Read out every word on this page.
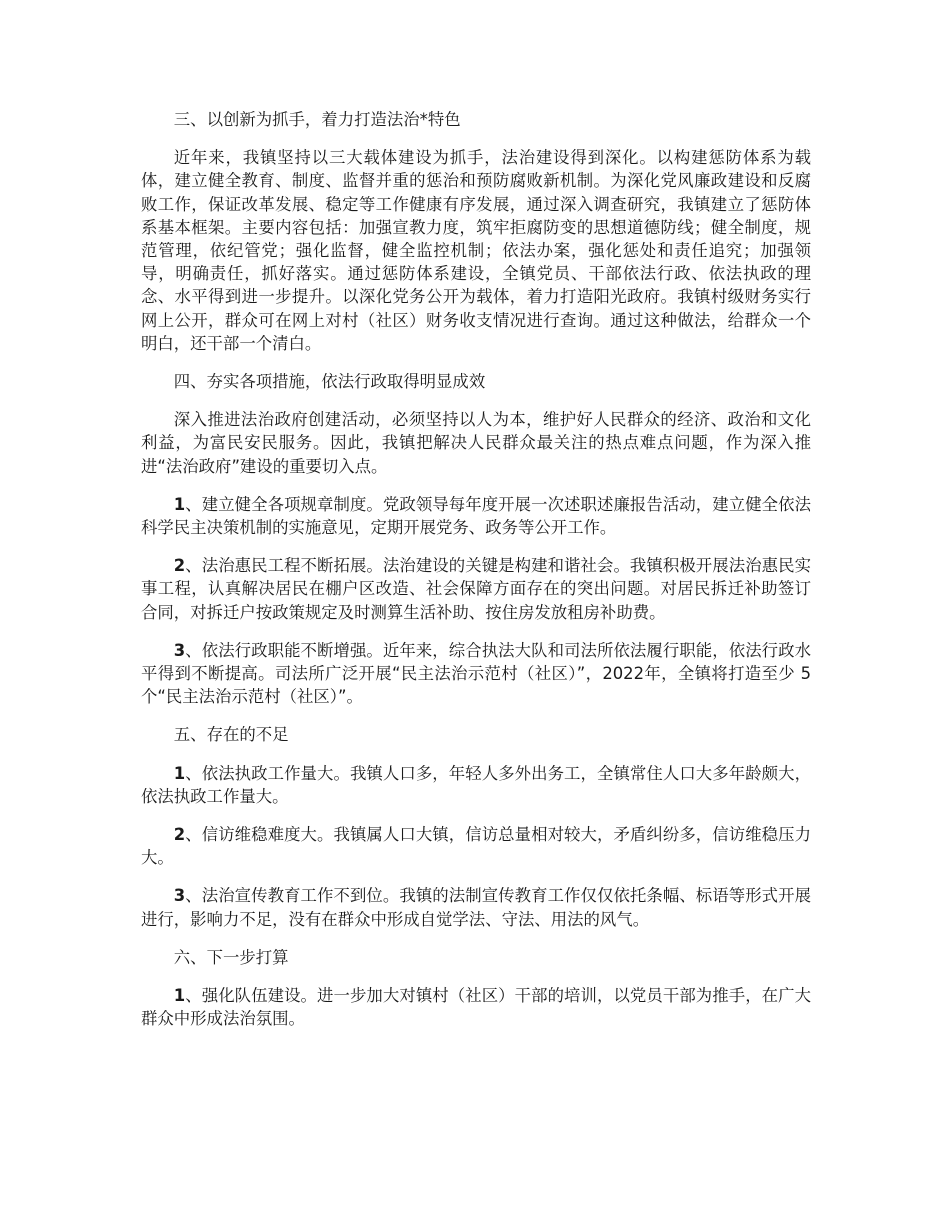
三、以创新为抓手，着力打造法治*特色
近年来，我镇坚持以三大载体建设为抓手，法治建设得到深化。以构建惩防体系为载体，建立健全教育、制度、监督并重的惩治和预防腐败新机制。为深化党风廉政建设和反腐败工作，保证改革发展、稳定等工作健康有序发展，通过深入调查研究，我镇建立了惩防体系基本框架。主要内容包括：加强宣教力度，筑牢拒腐防变的思想道德防线；健全制度，规范管理，依纪管党；强化监督，健全监控机制；依法办案，强化惩处和责任追究；加强领导，明确责任，抓好落实。通过惩防体系建设，全镇党员、干部依法行政、依法执政的理念、水平得到进一步提升。以深化党务公开为载体，着力打造阳光政府。我镇村级财务实行网上公开，群众可在网上对村（社区）财务收支情况进行查询。通过这种做法，给群众一个明白，还干部一个清白。
四、夯实各项措施，依法行政取得明显成效
深入推进法治政府创建活动，必须坚持以人为本，维护好人民群众的经济、政治和文化利益，为富民安民服务。因此，我镇把解决人民群众最关注的热点难点问题，作为深入推进“法治政府”建设的重要切入点。
1、建立健全各项规章制度。党政领导每年度开展一次述职述廉报告活动，建立健全依法科学民主决策机制的实施意见，定期开展党务、政务等公开工作。
2、法治惠民工程不断拓展。法治建设的关键是构建和谐社会。我镇积极开展法治惠民实事工程，认真解决居民在棚户区改造、社会保障方面存在的突出问题。对居民拆迁补助签订合同，对拆迁户按政策规定及时测算生活补助、按住房发放租房补助费。
3、依法行政职能不断增强。近年来，综合执法大队和司法所依法履行职能，依法行政水平得到不断提高。司法所广泛开展“民主法治示范村（社区）”，2022年，全镇将打造至少 5 个“民主法治示范村（社区）”。
五、存在的不足
1、依法执政工作量大。我镇人口多，年轻人多外出务工，全镇常住人口大多年龄颇大， 依法执政工作量大。
2、信访维稳难度大。我镇属人口大镇，信访总量相对较大，矛盾纠纷多，信访维稳压力大。
3、法治宣传教育工作不到位。我镇的法制宣传教育工作仅仅依托条幅、标语等形式开展进行，影响力不足，没有在群众中形成自觉学法、守法、用法的风气。
六、下一步打算
1、强化队伍建设。进一步加大对镇村（社区）干部的培训，以党员干部为推手，在广大群众中形成法治氛围。
